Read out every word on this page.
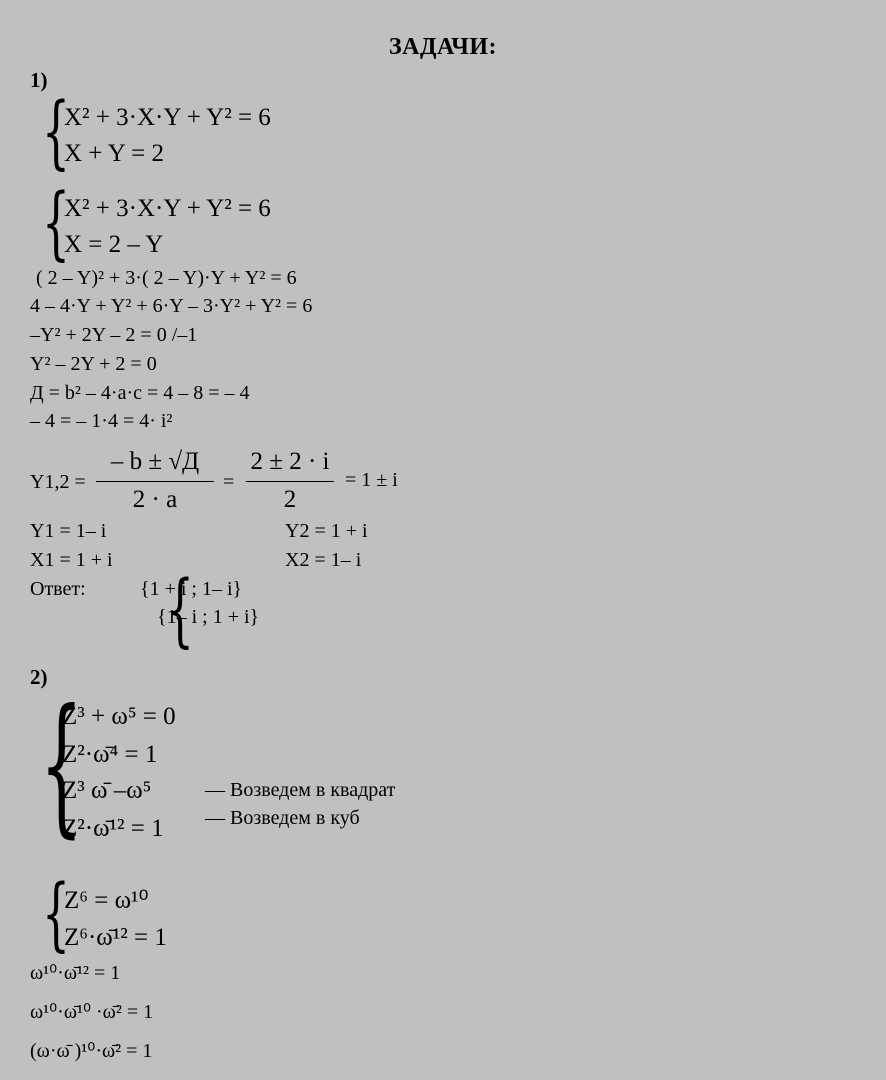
ЗАДАЧИ:
1)
{
X² + 3·X·Y + Y² = 6
X + Y = 2
{
X² + 3·X·Y + Y² = 6
X = 2 – Y
( 2 – Y)² + 3·( 2 – Y)·Y + Y² = 6
4 – 4·Y + Y² + 6·Y – 3·Y² + Y² = 6
–Y² + 2Y – 2 = 0 /–1
Y² – 2Y + 2 = 0
Д = b² – 4·a·c = 4 – 8 = – 4
– 4 = – 1·4 = 4· i²
Y1,2 =
– b ± √Д
2 · a
=
2 ± 2 · i
2
= 1 ± i
Y1 = 1– i	Y2 = 1 + i
X1 = 1 + i	X2 = 1– i
Ответ: {
{1 + i ; 1– i}
{1– i ; 1 + i}
2)
{
Z³ + ω⁵ = 0
Z²·ω̄⁴ = 1
Z³ ω̄ –ω⁵
Z²·ω̄¹² = 1
— Возведем в квадрат
— Возведем в куб
{
Z⁶ = ω¹⁰
Z⁶·ω̄¹² = 1
ω¹⁰·ω̄¹² = 1
ω¹⁰·ω̄¹⁰ ·ω̄² = 1
(ω·ω̄ )¹⁰·ω̄² = 1
